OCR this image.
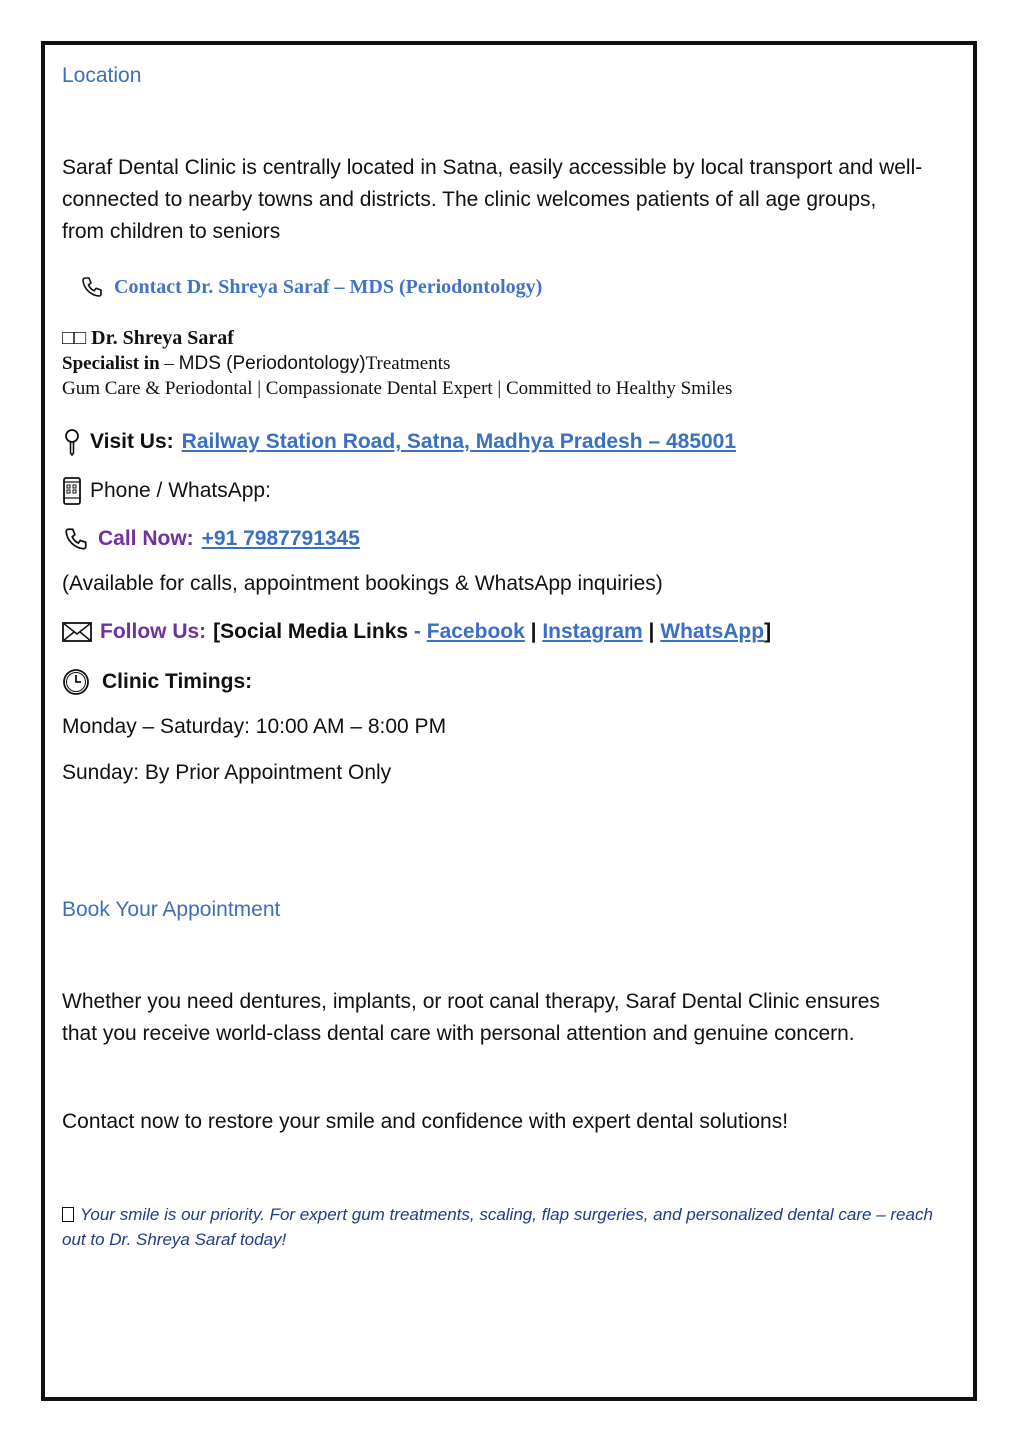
Location
Saraf Dental Clinic is centrally located in Satna, easily accessible by local transport and well-
connected to nearby towns and districts. The clinic welcomes patients of all age groups,
from children to seniors
Contact Dr. Shreya Saraf – MDS (Periodontology)
□□ Dr. Shreya Saraf
Specialist in – MDS (Periodontology)Treatments
Gum Care & Periodontal | Compassionate Dental Expert | Committed to Healthy Smiles
Visit Us: Railway Station Road, Satna, Madhya Pradesh – 485001
Phone / WhatsApp:
Call Now: +91 7987791345
(Available for calls, appointment bookings & WhatsApp inquiries)
Follow Us: [ Social Media Links - Facebook | Instagram | WhatsApp ]
Clinic Timings:
Monday – Saturday: 10:00 AM – 8:00 PM
Sunday: By Prior Appointment Only
Book Your Appointment
Whether you need dentures, implants, or root canal therapy, Saraf Dental Clinic ensures
that you receive world-class dental care with personal attention and genuine concern.
Contact now to restore your smile and confidence with expert dental solutions!
Your smile is our priority. For expert gum treatments, scaling, flap surgeries, and personalized dental care – reach
out to Dr. Shreya Saraf today!
